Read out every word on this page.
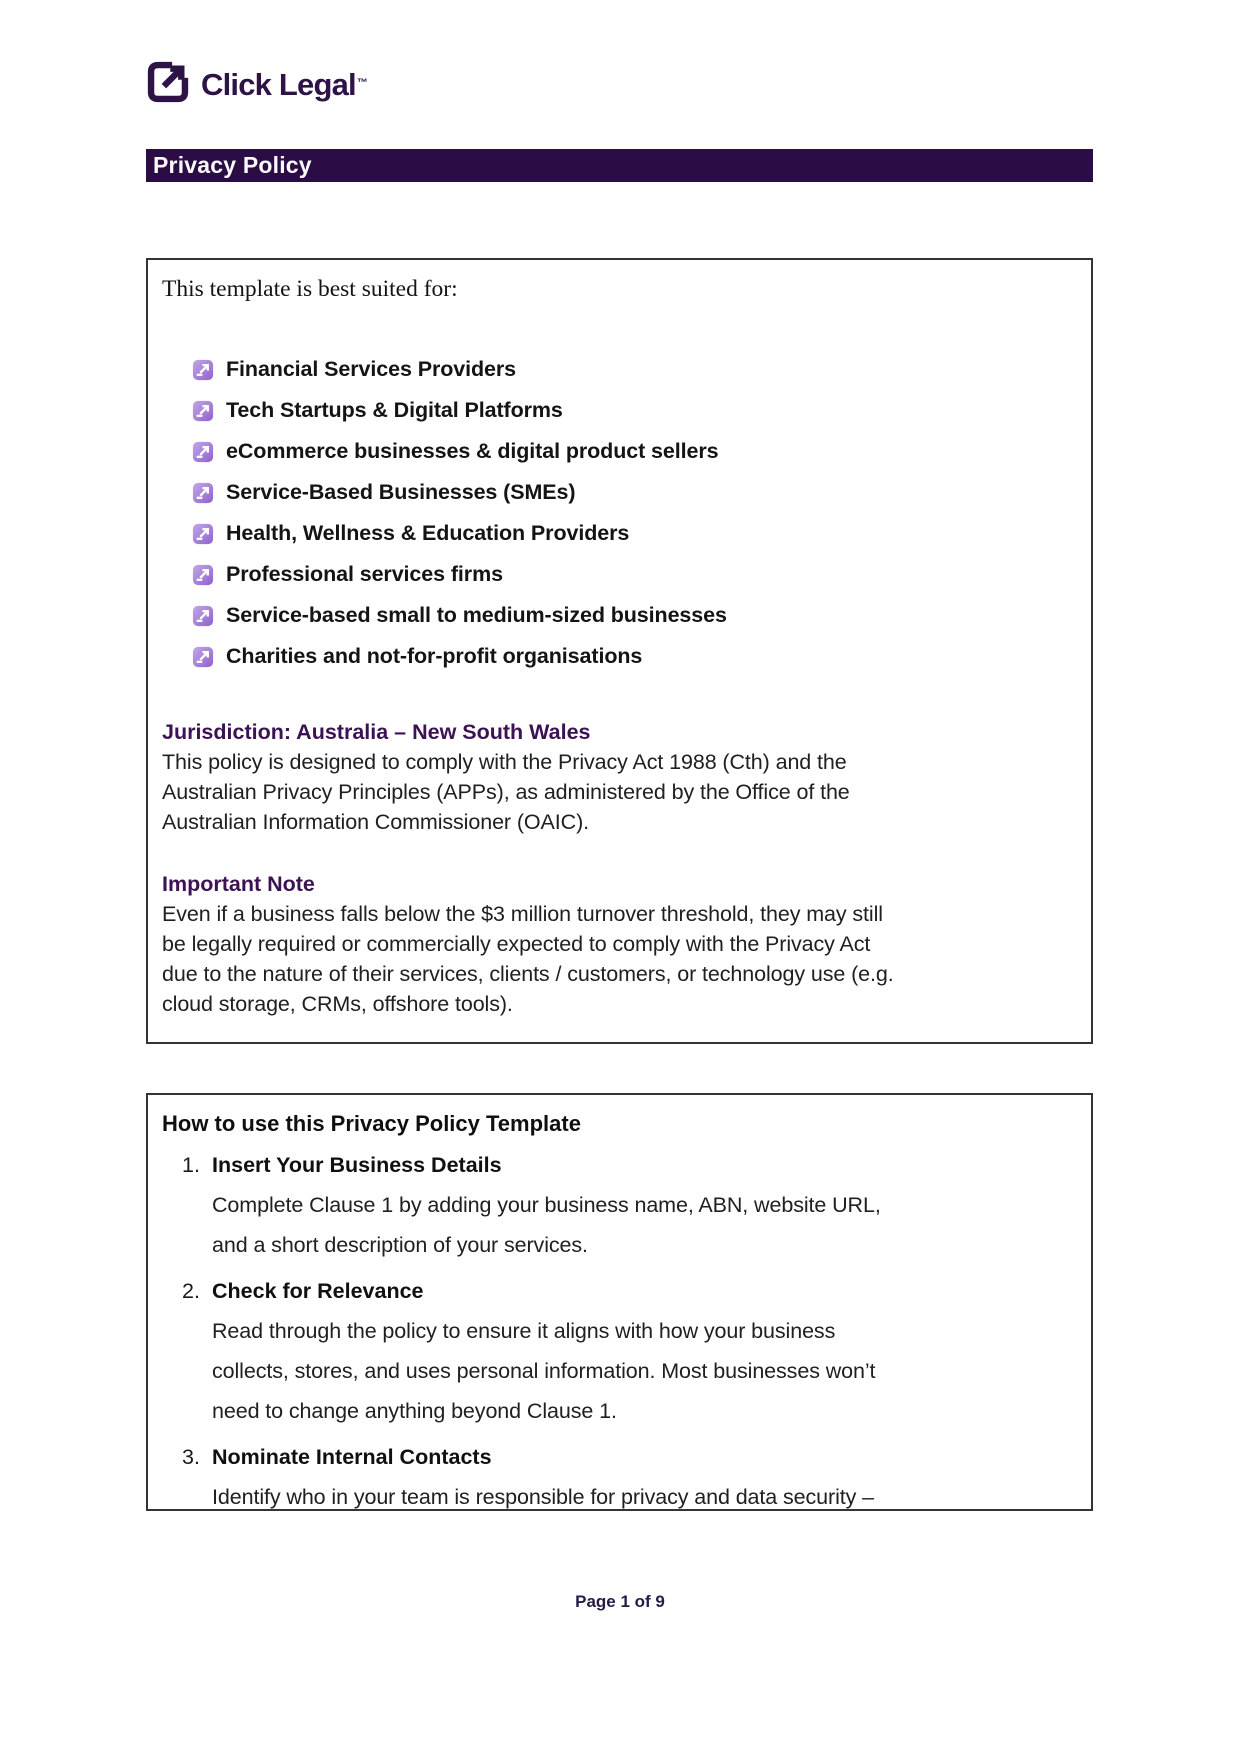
Click Legal™
Privacy Policy
This template is best suited for:
Financial Services Providers
Tech Startups & Digital Platforms
eCommerce businesses & digital product sellers
Service-Based Businesses (SMEs)
Health, Wellness & Education Providers
Professional services firms
Service-based small to medium-sized businesses
Charities and not-for-profit organisations
Jurisdiction: Australia – New South Wales
This policy is designed to comply with the Privacy Act 1988 (Cth) and the
Australian Privacy Principles (APPs), as administered by the Office of the
Australian Information Commissioner (OAIC).
Important Note
Even if a business falls below the $3 million turnover threshold, they may still
be legally required or commercially expected to comply with the Privacy Act
due to the nature of their services, clients / customers, or technology use (e.g.
cloud storage, CRMs, offshore tools).
How to use this Privacy Policy Template
1. Insert Your Business Details
Complete Clause 1 by adding your business name, ABN, website URL,
and a short description of your services.
2. Check for Relevance
Read through the policy to ensure it aligns with how your business
collects, stores, and uses personal information. Most businesses won’t
need to change anything beyond Clause 1.
3. Nominate Internal Contacts
Identify who in your team is responsible for privacy and data security –
Page 1 of 9
